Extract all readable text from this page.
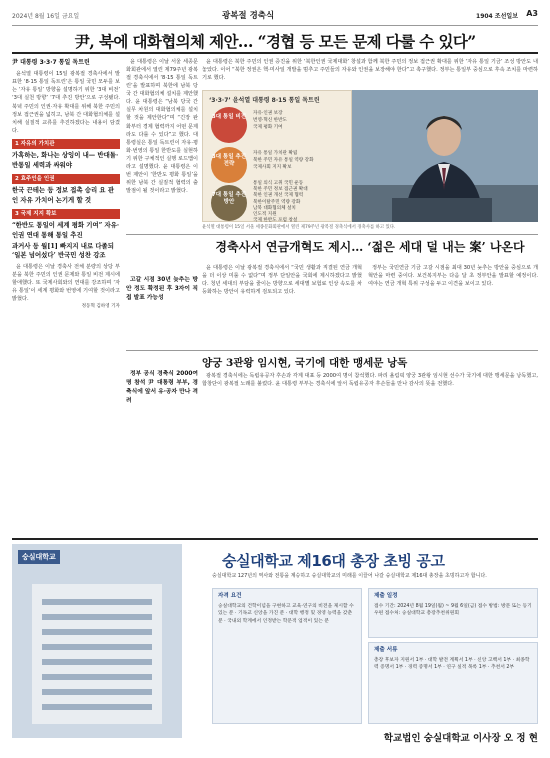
2024년 8월 16일 금요일	광복절 경축식	1904 조선일보 A3
尹, 북에 대화협의체 제안… “경협 등 모든 문제 다룰 수 있다”
尹 대통령 3·3·7 통일 독트린

윤석열 대통령이 15일 광복절 경축사에서 발표한 ‘8·15 통일 독트린’은 통일 국민 모두를 보는 ‘자유 통일’ 방향을 설명하기 위한 ‘3대 비전’ ‘3대 실천 방향’ ‘7대 추진 방안’으로 구성됐다. 북녘 주민의 인권·자유 확대를 위해 북한 주민의 정보 접근권을 넓히고, 남북 간 대화협의체를 설치해 실질적 교류를 추진하겠다는 내용이 담겼다.

1 자유의 가치관
가혹하는, 화나는 상잉이 내— 반대돌·반통일 세력과 싸워야
2 효주인을 인권
한국 끈테는 등 정보 접촉 승리 요 관인 자유 가치어 논기게 할 것
3 국제 지지 확보
“한반도 통일이 세계 평화 기여” 자유·인권 연대 통해 통일 추진
과거사 등 월[1] 빠지지 내로 다졸되 ‘일본 넘어섰다’ 반국민 성찬 강조

윤 대통령은 이날 경축사 전체 분량의 상당 부분을 북한 주민의 인권 문제와 통일 비전 제시에 할애했다. 또 국제사회와의 연대를 강조하며 ‘자유 통일’이 세계 평화와 번영에 기여할 것이라고 밝혔다.

정동혁 김하영 기자

윤 대통령은 이날 서울 세종문화회관에서 열린 제79주년 광복절 경축식에서 ‘8·15 통일 독트린’을 발표하며 북한에 남북 당국 간 대화협의체 설치를 제안했다. 윤 대통령은 “남북 당국 간 실무 차원의 대화협의체를 설치할 것을 제안한다”며 “긴장 완화부터 경제 협력까지 어떤 문제라도 다룰 수 있다”고 했다. 대통령실은 통일 독트린이 자유·평화·번영의 통일 한반도를 실현하기 위한 구체적인 실행 로드맵이라고 설명했다. 윤 대통령은 이번 제안이 ‘한반도 평화 통일’을 위한 남북 간 실질적 협력의 출발점이 될 것이라고 밝혔다.

윤 대통령은 북한 주민의 인권 증진을 위한 ‘북한인권 국제대화’ 창설과 함께 북한 주민의 정보 접근권 확대를 위한 ‘자유 통일 기금’ 조성 방안도 내놓았다. 이어 “북한 정권은 핵·미사일 개발을 멈추고 주민들의 자유와 인권을 보장해야 한다”고 촉구했다. 정부는 통일부 중심으로 후속 조치를 마련하기로 했다.

‘3·3·7’ 윤석열 대통령 8·15 통일 독트린
3대 통일 비전
자유·인권 보장
번영·혁신 한반도
국제 평화 기여
3대 통일 추진 전략
자유 통일 가치관 확립
북한 주민 자유 통일 역량 강화
국제사회 지지 확보
7대 통일 추진 방안
통일 의식 고취 국민 운동
북한 주민 정보 접근권 확대
북한 인권 개선 국제 협력
북한이탈주민 역량 강화
남북 대화협의체 설치
인도적 지원
국제 한반도 포럼 창설
윤석열 대통령이 15일 서울 세종문화회관에서 열린 제79주년 광복절 경축식에서 경축사를 하고 있다.
경축사서 연금개혁도 제시… ‘젊은 세대 덜 내는 案’ 나온다

고갈 시점 30년 늦추는 방안 정도 확정된 후 3자이 직접 발표 가능성

윤 대통령은 이날 광복절 경축식에서 “국민 생활과 직결된 연금 개혁을 더 이상 미룰 수 없다”며 정부 단일안을 국회에 제시하겠다고 밝혔다. 청년 세대의 부담을 줄이는 방향으로 세대별 보험료 인상 속도를 차등화하는 방안이 유력하게 검토되고 있다.

정부는 국민연금 기금 고갈 시점을 최대 30년 늦추는 방안을 중심으로 개혁안을 마련 중이다. 보건복지부는 다음 달 초 정부안을 발표할 예정이다. 여야는 연금 개혁 특위 구성을 두고 이견을 보이고 있다.

양궁 3관왕 임시현, 국기에 대한 맹세문 낭독

정부 공식 경축식 2000여명 참석 尹 대통령 부부, 경축식에 앞서 유·공자 만나 격려

광복절 경축식에는 독립유공자 후손과 각계 대표 등 2000여 명이 참석했다. 파리 올림픽 양궁 3관왕 임시현 선수가 국기에 대한 맹세문을 낭독했고, 합창단이 광복절 노래를 불렀다. 윤 대통령 부부는 경축식에 앞서 독립유공자 후손들을 만나 감사의 뜻을 전했다.

숭실대학교	숭실대학교 제16대 총장 초빙 공고
숭실대학교 127년의 역사와 전통을 계승하고 숭실대학교의 미래를 이끌어 나갈 숭실대학교 제16대 총장을 초빙하고자 합니다.
자격 요건
숭실대학교의 건학이념을 구현하고 교육·연구의 비전을 제시할 수 있는 분 · 기독교 신앙을 가진 분 · 대학 행정 및 경영 능력을 갖춘 분 · 국내외 학계에서 인정받는 학문적 업적이 있는 분
제출 일정
접수 기간: 2024년 8월 19일(월) ~ 9월 6일(금) 접수 방법: 방문 또는 등기우편 접수처: 숭실대학교 총장추천위원회
제출 서류
총장 후보자 지원서 1부 · 대학 발전 계획서 1부 · 신앙 고백서 1부 · 최종학력 증명서 1부 · 경력 증명서 1부 · 연구 실적 목록 1부 · 추천서 2부
학교법인 숭실대학교 이사장 오 정 현
